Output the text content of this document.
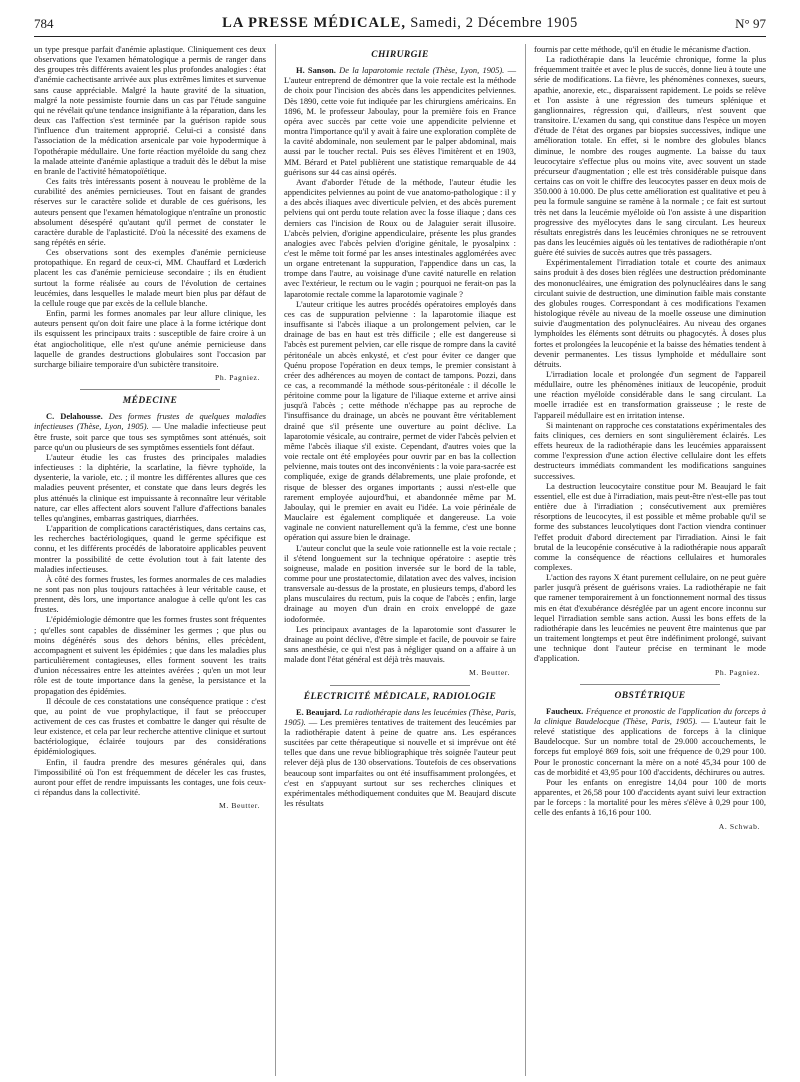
784	LA PRESSE MÉDICALE, Samedi, 2 Décembre 1905	N° 97

un type presque parfait d'anémie aplastique. Cliniquement ces deux observations que l'examen hématologique a permis de ranger dans des groupes très différents avaient les plus profondes analogies : état d'anémie cachectisante arrivée aux plus extrêmes limites et survenue sans cause appréciable. Malgré la haute gravité de la situation, malgré la note pessimiste fournie dans un cas par l'étude sanguine qui ne révélait qu'une tendance insignifiante à la réparation, dans les deux cas l'affection s'est terminée par la guérison rapide sous l'influence d'un traitement approprié. Celui-ci a consisté dans l'association de la médication arsenicale par voie hypodermique à l'opothérapie médullaire. Une forte réaction myéloïde du sang chez la malade atteinte d'anémie aplastique a traduit dès le début la mise en branle de l'activité hématopoïétique.

Ces faits très intéressants posent à nouveau le problème de la curabilité des anémies pernicieuses. Tout en faisant de grandes réserves sur le caractère solide et durable de ces guérisons, les auteurs pensent que l'examen hématologique n'entraîne un pronostic absolument désespéré qu'autant qu'il permet de constater le caractère durable de l'aplasticité. D'où la nécessité des examens de sang répétés en série.

Ces observations sont des exemples d'anémie pernicieuse protopathique. En regard de ceux-ci, MM. Chauffard et Lœderich placent les cas d'anémie pernicieuse secondaire ; ils en étudient surtout la forme réalisée au cours de l'évolution de certaines leucémies, dans lesquelles le malade meurt bien plus par défaut de la cellule rouge que par excès de la cellule blanche.

Enfin, parmi les formes anomales par leur allure clinique, les auteurs pensent qu'on doit faire une place à la forme ictérique dont ils esquissent les principaux traits : susceptible de faire croire à un état angiocholitique, elle n'est qu'une anémie pernicieuse dans laquelle de grandes destructions globulaires sont l'occasion par surcharge biliaire temporaire d'un subictère transitoire.

Ph. Pagniez.
MÉDECINE

C. Delahousse. Des formes frustes de quelques maladies infectieuses (Thèse, Lyon, 1905). — Une maladie infectieuse peut être fruste, soit parce que tous ses symptômes sont atténués, soit parce qu'un ou plusieurs de ses symptômes essentiels font défaut.

L'auteur étudie les cas frustes des principales maladies infectieuses : la diphtérie, la scarlatine, la fièvre typhoïde, la dysenterie, la variole, etc. ; il montre les différentes allures que ces maladies peuvent présenter, et constate que dans leurs degrés les plus atténués la clinique est impuissante à reconnaître leur véritable nature, car elles affectent alors souvent l'allure d'affections banales telles qu'angines, embarras gastriques, diarrhées.

L'apparition de complications caractéristiques, dans certains cas, les recherches bactériologiques, quand le germe spécifique est connu, et les différents procédés de laboratoire applicables peuvent montrer la possibilité de cette évolution tout à fait latente des maladies infectieuses.

À côté des formes frustes, les formes anormales de ces maladies ne sont pas non plus toujours rattachées à leur véritable cause, et prennent, dès lors, une importance analogue à celle qu'ont les cas frustes.

L'épidémiologie démontre que les formes frustes sont fréquentes ; qu'elles sont capables de disséminer les germes ; que plus ou moins dégénérés sous des dehors bénins, elles précèdent, accompagnent et suivent les épidémies ; que dans les maladies plus particulièrement contagieuses, elles forment souvent les traits d'union nécessaires entre les atteintes avérées ; qu'en un mot leur rôle est de toute importance dans la genèse, la persistance et la propagation des épidémies.

Il découle de ces constatations une conséquence pratique : c'est que, au point de vue prophylactique, il faut se préoccuper activement de ces cas frustes et combattre le danger qui résulte de leur existence, et cela par leur recherche attentive clinique et surtout bactériologique, éclairée toujours par des considérations épidémiologiques.

Enfin, il faudra prendre des mesures générales qui, dans l'impossibilité où l'on est fréquemment de déceler les cas frustes, auront pour effet de rendre impuissants les contages, une fois ceux-ci répandus dans la collectivité.

M. Beutter.
CHIRURGIE

H. Sanson. De la laparotomie rectale (Thèse, Lyon, 1905). — L'auteur entreprend de démontrer que la voie rectale est la méthode de choix pour l'incision des abcès dans les appendicites pelviennes. Dès 1890, cette voie fut indiquée par les chirurgiens américains. En 1896, M. le professeur Jaboulay, pour la première fois en France opéra avec succès par cette voie une appendicite pelvienne et montra l'importance qu'il y avait à faire une exploration complète de la cavité abdominale, non seulement par le palper abdominal, mais aussi par le toucher rectal. Puis ses élèves l'imitèrent et en 1903, MM. Bérard et Patel publièrent une statistique remarquable de 44 guérisons sur 44 cas ainsi opérés.

Avant d'aborder l'étude de la méthode, l'auteur étudie les appendicites pelviennes au point de vue anatomo-pathologique : il y a des abcès iliaques avec diverticule pelvien, et des abcès purement pelviens qui ont perdu toute relation avec la fosse iliaque ; dans ces derniers cas l'incision de Roux ou de Jalaguier serait illusoire. L'abcès pelvien, d'origine appendiculaire, présente les plus grandes analogies avec l'abcès pelvien d'origine génitale, le pyosalpinx : c'est le même toit formé par les anses intestinales agglomérées avec un organe entretenant la suppuration, l'appendice dans un cas, la trompe dans l'autre, au voisinage d'une cavité naturelle en relation avec l'extérieur, le rectum ou le vagin ; pourquoi ne ferait-on pas la laparotomie rectale comme la laparotomie vaginale ?

L'auteur critique les autres procédés opératoires employés dans ces cas de suppuration pelvienne : la laparotomie iliaque est insuffisante si l'abcès iliaque a un prolongement pelvien, car le drainage de bas en haut est très difficile ; elle est dangereuse si l'abcès est purement pelvien, car elle risque de rompre dans la cavité péritonéale un abcès enkysté, et c'est pour éviter ce danger que Quénu propose l'opération en deux temps, le premier consistant à créer des adhérences au moyen de contact de tampons. Pozzi, dans ce cas, a recommandé la méthode sous-péritonéale : il décolle le péritoine comme pour la ligature de l'iliaque externe et arrive ainsi jusqu'à l'abcès ; cette méthode n'échappe pas au reproche de l'insuffisance du drainage, un abcès ne pouvant être véritablement drainé que s'il présente une ouverture au point déclive. La laparotomie vésicale, au contraire, permet de vider l'abcès pelvien et même l'abcès iliaque s'il existe. Cependant, d'autres voies que la voie rectale ont été employées pour ouvrir par en bas la collection pelvienne, mais toutes ont des inconvénients : la voie para-sacrée est compliquée, exige de grands délabrements, une plaie profonde, et risque de blesser des organes importants ; aussi n'est-elle que rarement employée aujourd'hui, et abandonnée même par M. Jaboulay, qui le premier en avait eu l'idée. La voie périnéale de Mauclaire est également compliquée et dangereuse. La voie vaginale ne convient naturellement qu'à la femme, c'est une bonne opération qui assure bien le drainage.

L'auteur conclut que la seule voie rationnelle est la voie rectale ; il s'étend longuement sur la technique opératoire : aseptie très soigneuse, malade en position inversée sur le bord de la table, comme pour une prostatectomie, dilatation avec des valves, incision transversale au-dessus de la prostate, en plusieurs temps, d'abord les plans musculaires du rectum, puis la coque de l'abcès ; enfin, large drainage au moyen d'un drain en croix enveloppé de gaze iodoformée.

Les principaux avantages de la laparotomie sont d'assurer le drainage au point déclive, d'être simple et facile, de pouvoir se faire sans anesthésie, ce qui n'est pas à négliger quand on a affaire à un malade dont l'état général est déjà très mauvais.

M. Beutter.
ÉLECTRICITÉ MÉDICALE, RADIOLOGIE

E. Beaujard. La radiothérapie dans les leucémies (Thèse, Paris, 1905). — Les premières tentatives de traitement des leucémies par la radiothérapie datent à peine de quatre ans. Les espérances suscitées par cette thérapeutique si nouvelle et si imprévue ont été telles que dans une revue bibliographique très soignée l'auteur peut relever déjà plus de 130 observations. Toutefois de ces observations beaucoup sont imparfaites ou ont été insuffisamment prolongées, et c'est en s'appuyant surtout sur ses recherches cliniques et expérimentales méthodiquement conduites que M. Beaujard discute les résultats

fournis par cette méthode, qu'il en étudie le mécanisme d'action.

La radiothérapie dans la leucémie chronique, forme la plus fréquemment traitée et avec le plus de succès, donne lieu à toute une série de modifications. La fièvre, les phénomènes connexes, sueurs, apathie, anorexie, etc., disparaissent rapidement. Le poids se relève et l'on assiste à une régression des tumeurs splénique et ganglionnaires, régression qui, d'ailleurs, n'est souvent que transitoire. L'examen du sang, qui constitue dans l'espèce un moyen d'étude de l'état des organes par biopsies successives, indique une amélioration totale. En effet, si le nombre des globules blancs diminue, le nombre des rouges augmente. La baisse du taux leucocytaire s'effectue plus ou moins vite, avec souvent un stade précurseur d'augmentation ; elle est très considérable puisque dans certains cas on voit le chiffre des leucocytes passer en deux mois de 350.000 à 10.000. De plus cette amélioration est qualitative et peu à peu la formule sanguine se ramène à la normale ; ce fait est surtout très net dans la leucémie myéloïde où l'on assiste à une disparition progressive des myélocytes dans le sang circulant. Les heureux résultats enregistrés dans les leucémies chroniques ne se retrouvent pas dans les leucémies aiguës où les tentatives de radiothérapie n'ont guère été suivies de succès autres que très passagers.

Expérimentalement l'irradiation totale et courte des animaux sains produit à des doses bien réglées une destruction prédominante des mononucléaires, une émigration des polynucléaires dans le sang circulant suivie de destruction, une diminution faible mais constante des globules rouges. Correspondant à ces modifications l'examen histologique révèle au niveau de la moelle osseuse une diminution suivie d'augmentation des polynucléaires. Au niveau des organes lymphoïdes les éléments sont détruits ou phagocytés. À doses plus fortes et prolongées la leucopénie et la baisse des hématies tendent à devenir permanentes. Les tissus lymphoïde et médullaire sont détruits.

L'irradiation locale et prolongée d'un segment de l'appareil médullaire, outre les phénomènes initiaux de leucopénie, produit une réaction myéloïde considérable dans le sang circulant. La moelle irradiée est en transformation graisseuse ; le reste de l'appareil médullaire est en irritation intense.

Si maintenant on rapproche ces constatations expérimentales des faits cliniques, ces derniers en sont singulièrement éclairés. Les effets heureux de la radiothérapie dans les leucémies apparaissent comme l'expression d'une action élective cellulaire dont les effets destructeurs immédiats commandent les modifications sanguines successives.

La destruction leucocytaire constitue pour M. Beaujard le fait essentiel, elle est due à l'irradiation, mais peut-être n'est-elle pas tout entière due à l'irradiation ; consécutivement aux premières résorptions de leucocytes, il est possible et même probable qu'il se forme des substances leucolytiques dont l'action viendra continuer l'effet produit d'abord directement par l'irradiation. Ainsi le fait brutal de la leucopénie consécutive à la radiothérapie nous apparaît comme la conséquence de réactions cellulaires et humorales complexes.

L'action des rayons X étant purement cellulaire, on ne peut guère parler jusqu'à présent de guérisons vraies. La radiothérapie ne fait que ramener temporairement à un fonctionnement normal des tissus mis en état d'exubérance désréglée par un agent encore inconnu sur lequel l'irradiation semble sans action. Aussi les bons effets de la radiothérapie dans les leucémies ne peuvent être maintenus que par un traitement longtemps et peut être indéfiniment prolongé, suivant une technique dont l'auteur précise en terminant le mode d'application.

Ph. Pagniez.
OBSTÉTRIQUE

Faucheux. Fréquence et pronostic de l'application du forceps à la clinique Baudelocque (Thèse, Paris, 1905). — L'auteur fait le relevé statistique des applications de forceps à la clinique Baudelocque. Sur un nombre total de 29.000 accouchements, le forceps fut employé 869 fois, soit une fréquence de 0,29 pour 100. Pour le pronostic concernant la mère on a noté 45,34 pour 100 de cas de morbidité et 43,95 pour 100 d'accidents, déchirures ou autres.

Pour les enfants on enregistre 14,04 pour 100 de morts apparentes, et 26,58 pour 100 d'accidents ayant suivi leur extraction par le forceps : la mortalité pour les mères s'élève à 0,29 pour 100, celle des enfants à 16,16 pour 100.

A. Schwab.
